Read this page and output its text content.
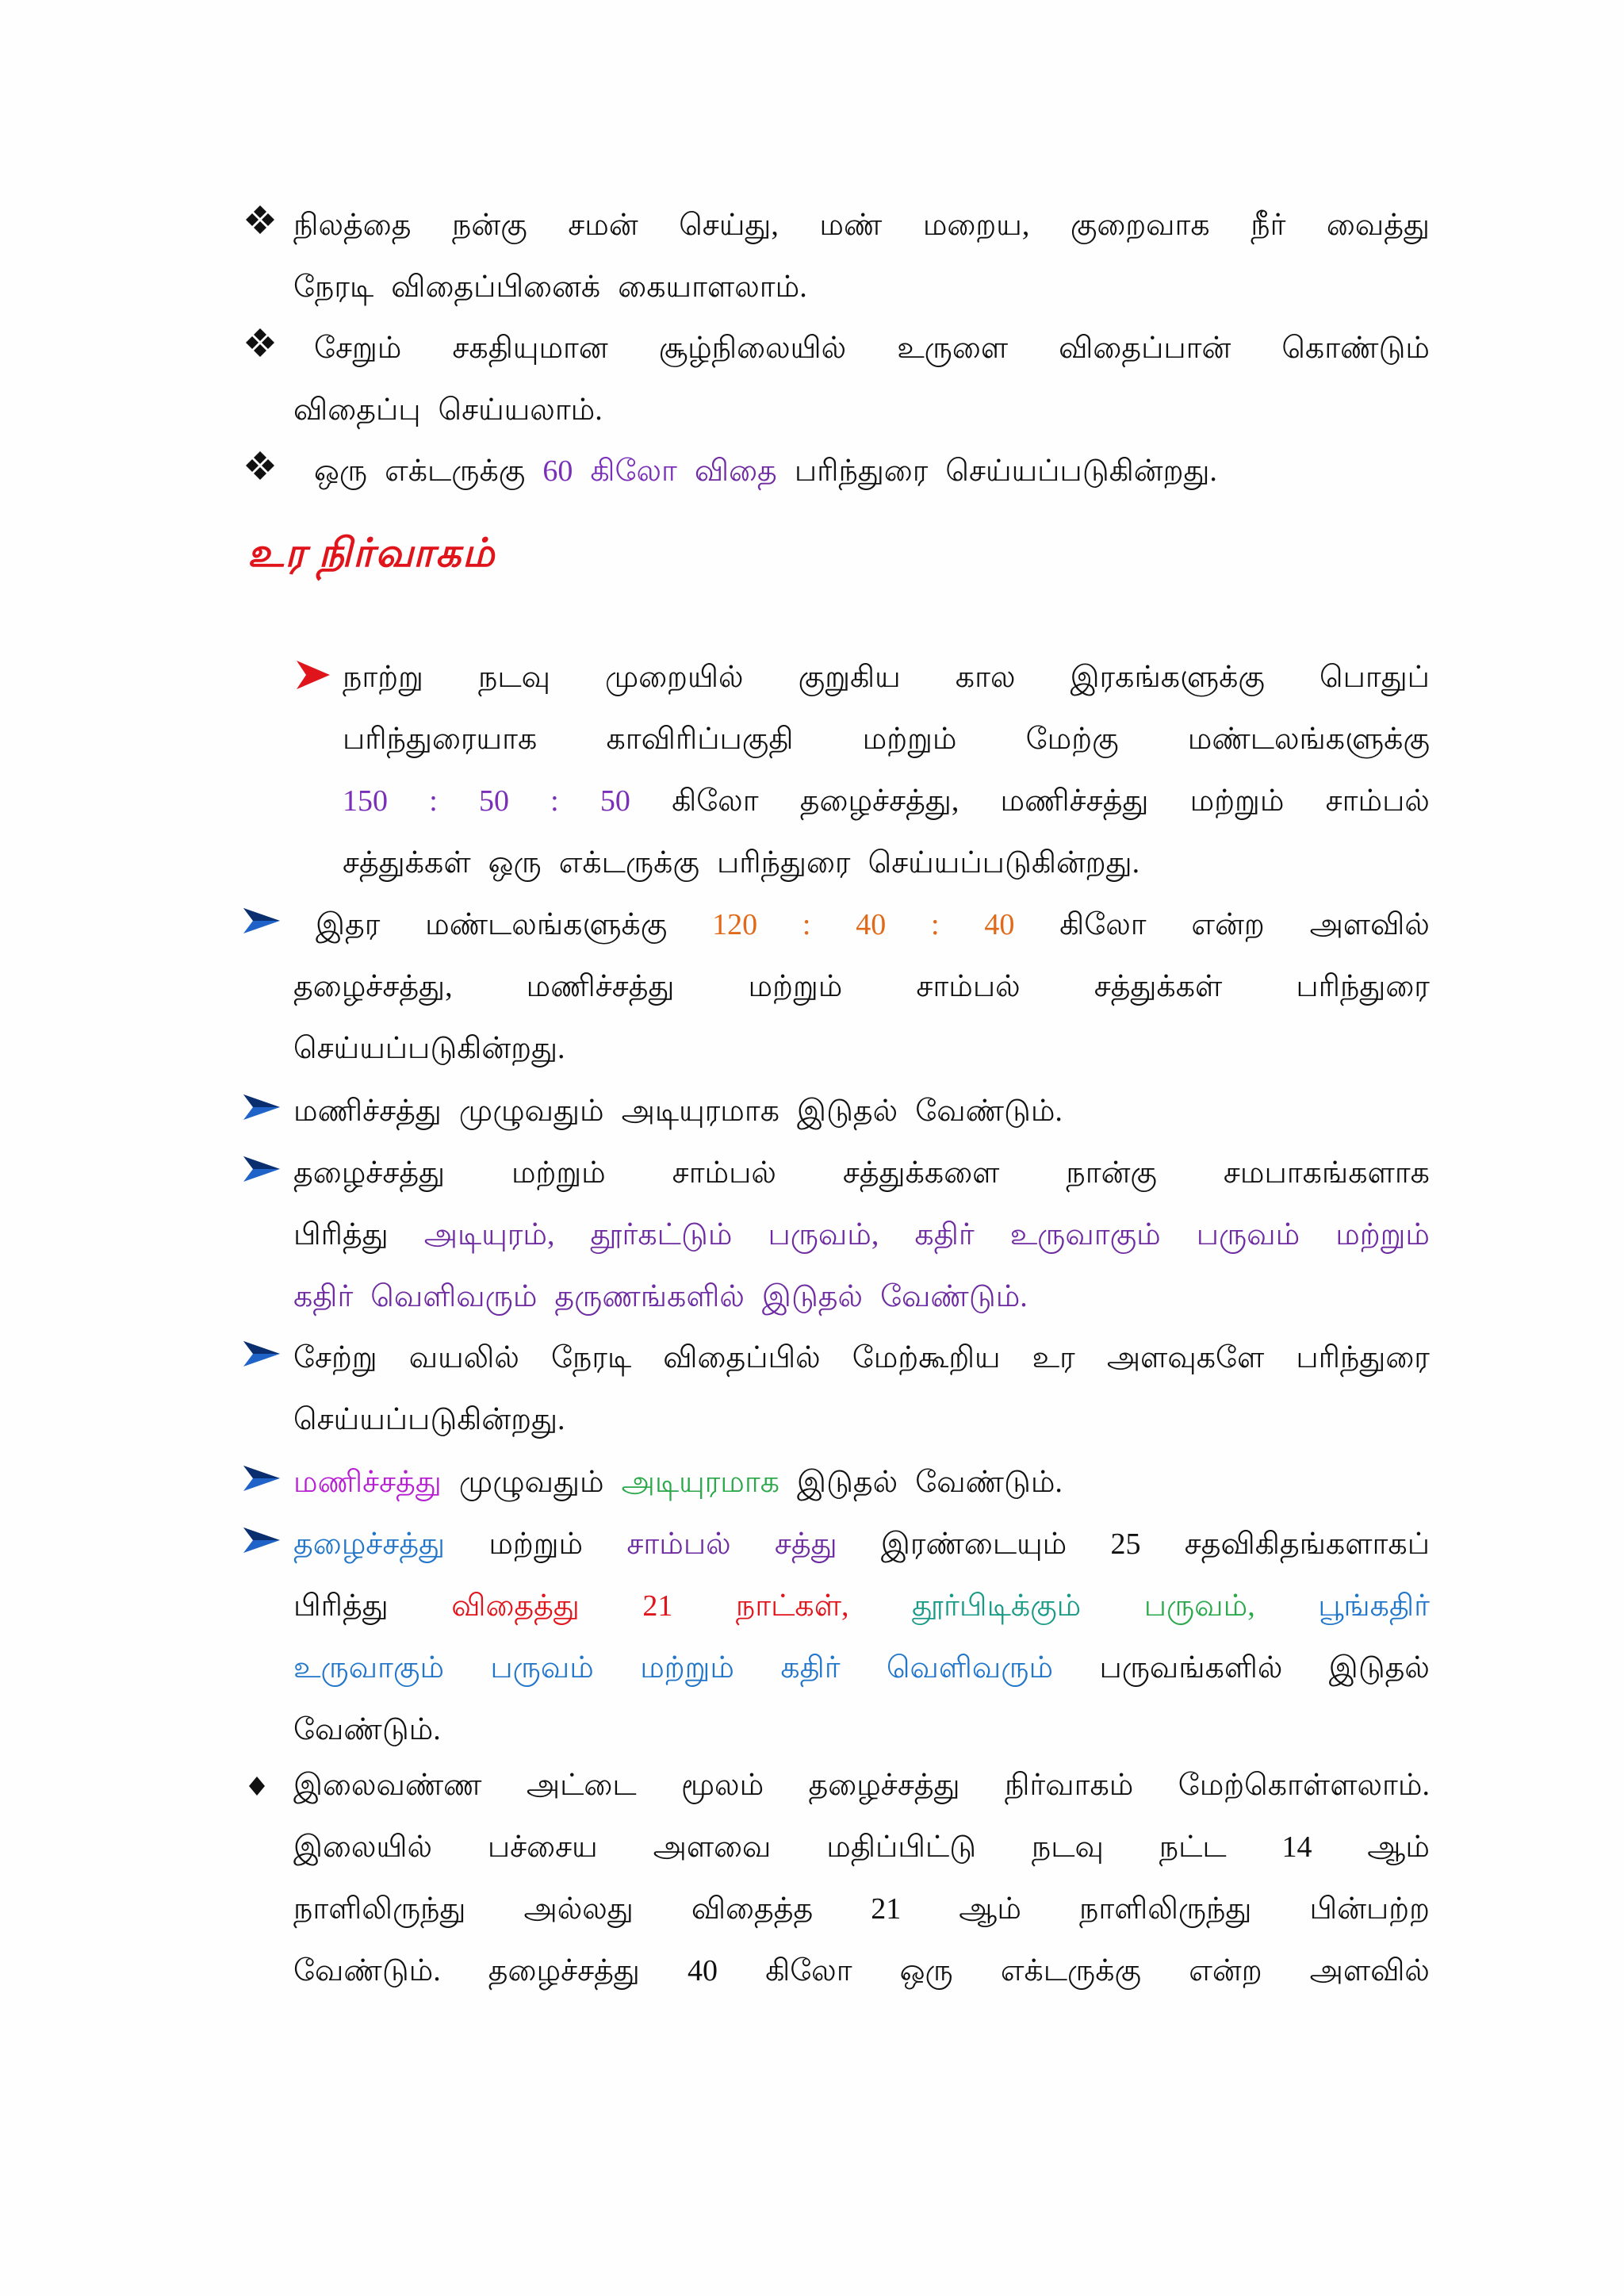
உர நிர்வாகம்
நிலத்தை நன்கு சமன் செய்து, மண் மறைய, குறைவாக நீர் வைத்து
நேரடி விதைப்பினைக் கையாளலாம்.
சேறும் சகதியுமான சூழ்நிலையில் உருளை விதைப்பான் கொண்டும்
விதைப்பு செய்யலாம்.
ஒரு எக்டருக்கு 60 கிலோ விதை பரிந்துரை செய்யப்படுகின்றது.
நாற்று நடவு முறையில் குறுகிய கால இரகங்களுக்கு பொதுப்
பரிந்துரையாக காவிரிப்பகுதி மற்றும் மேற்கு மண்டலங்களுக்கு
150 : 50 : 50 கிலோ தழைச்சத்து, மணிச்சத்து மற்றும் சாம்பல்
சத்துக்கள் ஒரு எக்டருக்கு பரிந்துரை செய்யப்படுகின்றது.
இதர மண்டலங்களுக்கு 120 : 40 : 40 கிலோ என்ற அளவில்
தழைச்சத்து, மணிச்சத்து மற்றும் சாம்பல் சத்துக்கள் பரிந்துரை
செய்யப்படுகின்றது.
மணிச்சத்து முழுவதும் அடியுரமாக இடுதல் வேண்டும்.
தழைச்சத்து மற்றும் சாம்பல் சத்துக்களை நான்கு சமபாகங்களாக
பிரித்து அடியுரம், தூர்கட்டும் பருவம், கதிர் உருவாகும் பருவம் மற்றும்
கதிர் வெளிவரும் தருணங்களில் இடுதல் வேண்டும்.
சேற்று வயலில் நேரடி விதைப்பில் மேற்கூறிய உர அளவுகளே பரிந்துரை
செய்யப்படுகின்றது.
மணிச்சத்து முழுவதும் அடியுரமாக இடுதல் வேண்டும்.
தழைச்சத்து மற்றும் சாம்பல் சத்து இரண்டையும் 25 சதவிகிதங்களாகப்
பிரித்து விதைத்து 21 நாட்கள், தூர்பிடிக்கும் பருவம், பூங்கதிர்
உருவாகும் பருவம் மற்றும் கதிர் வெளிவரும் பருவங்களில் இடுதல்
வேண்டும்.
இலைவண்ண அட்டை மூலம் தழைச்சத்து நிர்வாகம் மேற்கொள்ளலாம்.
இலையில் பச்சைய அளவை மதிப்பிட்டு நடவு நட்ட 14 ஆம்
நாளிலிருந்து அல்லது விதைத்த 21 ஆம் நாளிலிருந்து பின்பற்ற
வேண்டும். தழைச்சத்து 40 கிலோ ஒரு எக்டருக்கு என்ற அளவில்
